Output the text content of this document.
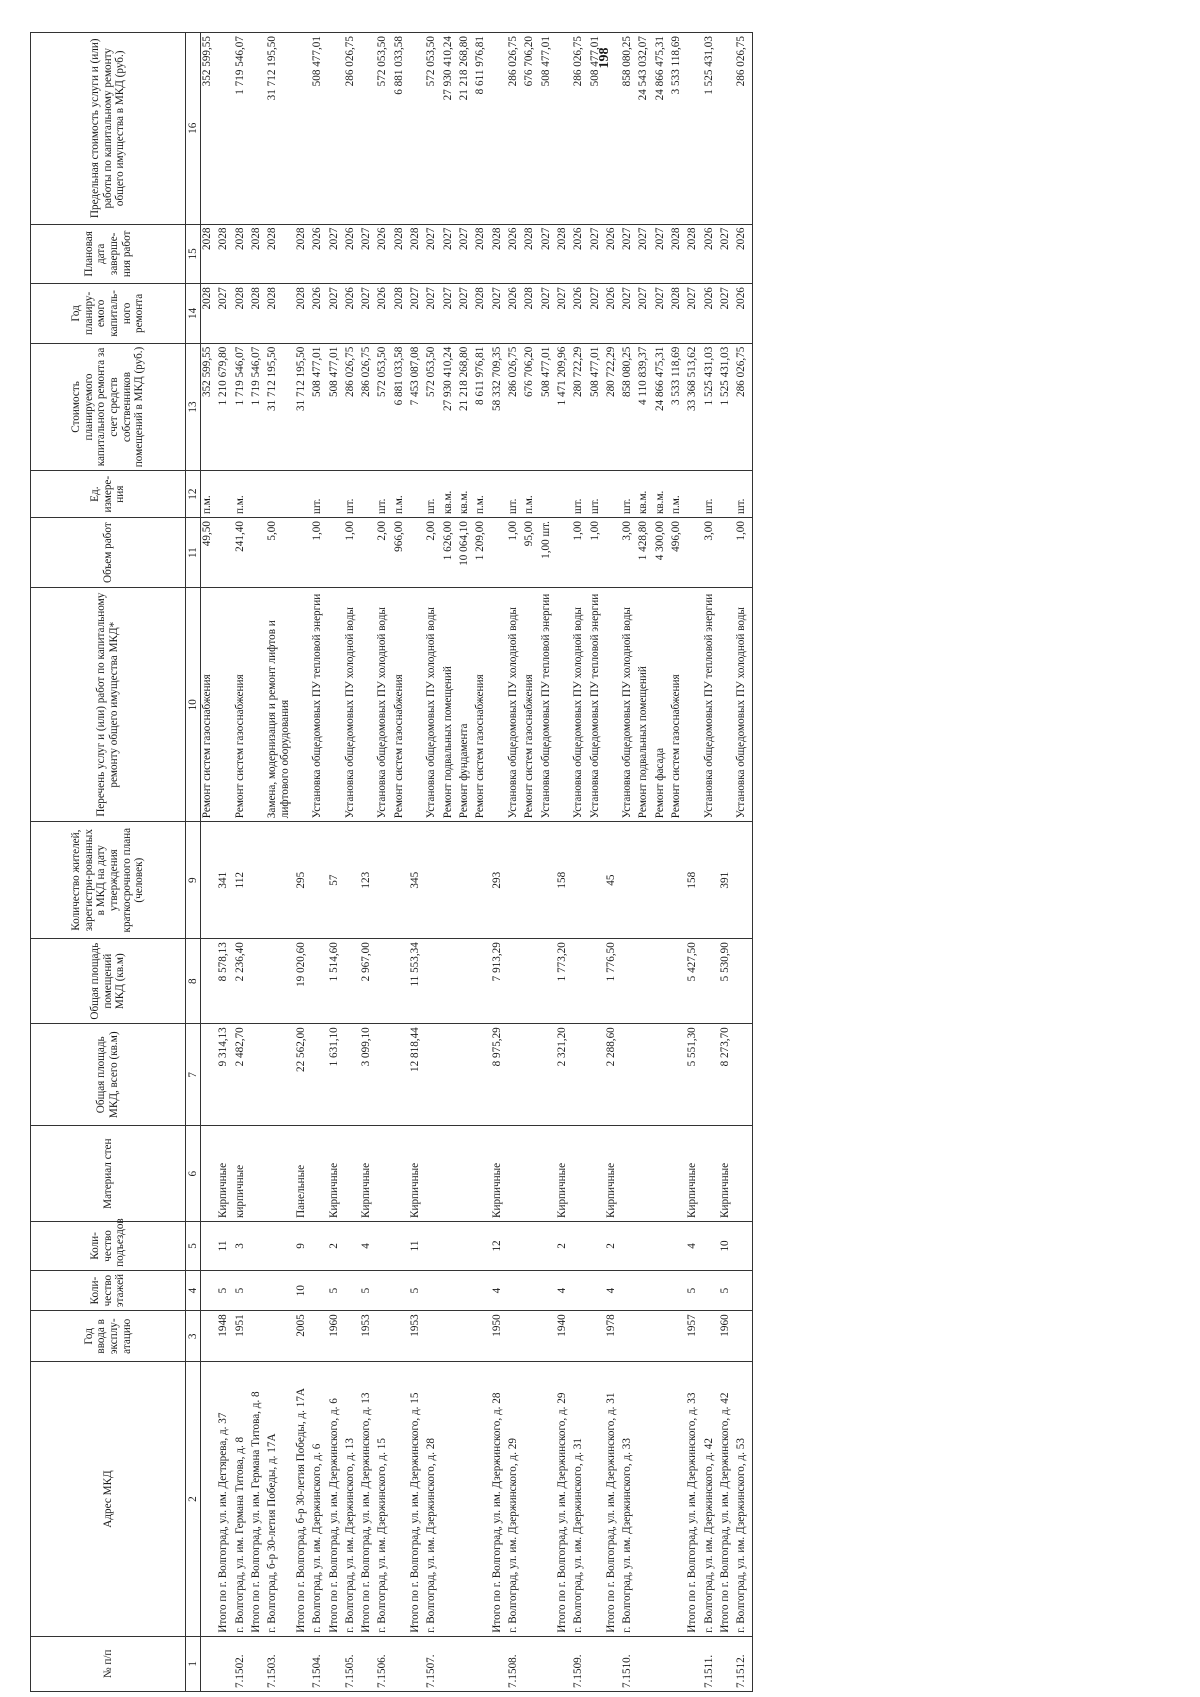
198
№ п/п	Адрес МКД	Год ввода в эксплу-атацию	Коли-чество этажей	Коли-чество подъездов	Материал стен	Общая площадь МКД, всего (кв.м)	Общая площадь помещений МКД (кв.м)	Количество жителей, зарегистри-рованных в МКД на дату утверждения краткосрочного плана (человек)	Перечень услуг и (или) работ по капитальному ремонту общего имущества МКД*	Объем работ	Ед. измере-ния	Стоимость планируемого капитального ремонта за счет средств собственников помещений в МКД (руб.)	Год планиру-емого капиталь-ного ремонта	Плановая дата заверше-ния работ	Предельная стоимость услуги и (или) работы по капитальному ремонту общего имущества в МКД (руб.)
1	2	3	4	5	6	7	8	9	10	11	12	13	14	15	16
									Ремонт систем газоснабжения	49,50	п.м.	352 599,55	2028	2028	352 599,55

	Итого по г. Волгоград, ул. им. Дегтярева, д. 37	1948	5	11	Кирпичные	9 314,13	8 578,13	341				1 210 679,80	2027	2028	

7.1502.	г. Волгоград, ул. им. Германа Титова, д. 8	1951	5	3	кирпичные	2 482,70	2 236,40	112	Ремонт систем газоснабжения	241,40	п.м.	1 719 546,07	2028	2028	1 719 546,07

	Итого по г. Волгоград, ул. им. Германа Титова, д. 8											1 719 546,07	2028	2028	

7.1503.	г. Волгоград, б-р 30-летия Победы, д. 17А								Замена, модернизация и ремонт лифтов и лифтового оборудования	5,00		31 712 195,50	2028	2028	31 712 195,50

	Итого по г. Волгоград, б-р 30-летия Победы, д. 17А	2005	10	9	Панельные	22 562,00	19 020,60	295				31 712 195,50	2028	2028	

7.1504.	г. Волгоград, ул. им. Дзержинского, д. 6								Установка общедомовых ПУ тепловой энергии	1,00	шт.	508 477,01	2026	2026	508 477,01

	Итого по г. Волгоград, ул. им. Дзержинского, д. 6	1960	5	2	Кирпичные	1 631,10	1 514,60	57				508 477,01	2027	2027	

7.1505.	г. Волгоград, ул. им. Дзержинского, д. 13								Установка общедомовых ПУ холодной воды	1,00	шт.	286 026,75	2026	2026	286 026,75

	Итого по г. Волгоград, ул. им. Дзержинского, д. 13	1953	5	4	Кирпичные	3 099,10	2 967,00	123				286 026,75	2027	2027	

7.1506.	г. Волгоград, ул. им. Дзержинского, д. 15								Установка общедомовых ПУ холодной воды	2,00	шт.	572 053,50	2026	2026	572 053,50

									Ремонт систем газоснабжения	966,00	п.м.	6 881 033,58	2028	2028	6 881 033,58

	Итого по г. Волгоград, ул. им. Дзержинского, д. 15	1953	5	11	Кирпичные	12 818,44	11 553,34	345				7 453 087,08	2027	2028	

7.1507.	г. Волгоград, ул. им. Дзержинского, д. 28								Установка общедомовых ПУ холодной воды	2,00	шт.	572 053,50	2027	2027	572 053,50

									Ремонт подвальных помещений	1 626,00	кв.м.	27 930 410,24	2027	2027	27 930 410,24

									Ремонт фундамента	10 064,10	кв.м.	21 218 268,80	2027	2027	21 218 268,80

									Ремонт систем газоснабжения	1 209,00	п.м.	8 611 976,81	2028	2028	8 611 976,81

	Итого по г. Волгоград, ул. им. Дзержинского, д. 28	1950	4	12	Кирпичные	8 975,29	7 913,29	293				58 332 709,35	2027	2028	

7.1508.	г. Волгоград, ул. им. Дзержинского, д. 29								Установка общедомовых ПУ холодной воды	1,00	шт.	286 026,75	2026	2026	286 026,75

									Ремонт систем газоснабжения	95,00	п.м.	676 706,20	2028	2028	676 706,20

									Установка общедомовых ПУ тепловой энергии	1,00 шт.		508 477,01	2027	2027	508 477,01

	Итого по г. Волгоград, ул. им. Дзержинского, д. 29	1940	4	2	Кирпичные	2 321,20	1 773,20	158				1 471 209,96	2027	2028	

7.1509.	г. Волгоград, ул. им. Дзержинского, д. 31								Установка общедомовых ПУ холодной воды	1,00	шт.	280 722,29	2026	2026	286 026,75

									Установка общедомовых ПУ тепловой энергии	1,00	шт.	508 477,01	2027	2027	508 477,01

	Итого по г. Волгоград, ул. им. Дзержинского, д. 31	1978	4	2	Кирпичные	2 288,60	1 776,50	45				280 722,29	2026	2026	

7.1510.	г. Волгоград, ул. им. Дзержинского, д. 33								Установка общедомовых ПУ холодной воды	3,00	шт.	858 080,25	2027	2027	858 080,25

									Ремонт подвальных помещений	1 428,80	кв.м.	4 110 839,37	2027	2027	24 543 032,07

									Ремонт фасада	4 300,00	кв.м.	24 866 475,31	2027	2027	24 866 475,31

									Ремонт систем газоснабжения	496,00	п.м.	3 533 118,69	2028	2028	3 533 118,69

	Итого по г. Волгоград, ул. им. Дзержинского, д. 33	1957	5	4	Кирпичные	5 551,30	5 427,50	158				33 368 513,62	2027	2028	

7.1511.	г. Волгоград, ул. им. Дзержинского, д. 42								Установка общедомовых ПУ тепловой энергии	3,00	шт.	1 525 431,03	2026	2026	1 525 431,03

	Итого по г. Волгоград, ул. им. Дзержинского, д. 42	1960	5	10	Кирпичные	8 273,70	5 530,90	391				1 525 431,03	2027	2027	

7.1512.	г. Волгоград, ул. им. Дзержинского, д. 53								Установка общедомовых ПУ холодной воды	1,00	шт.	286 026,75	2026	2026	286 026,75
